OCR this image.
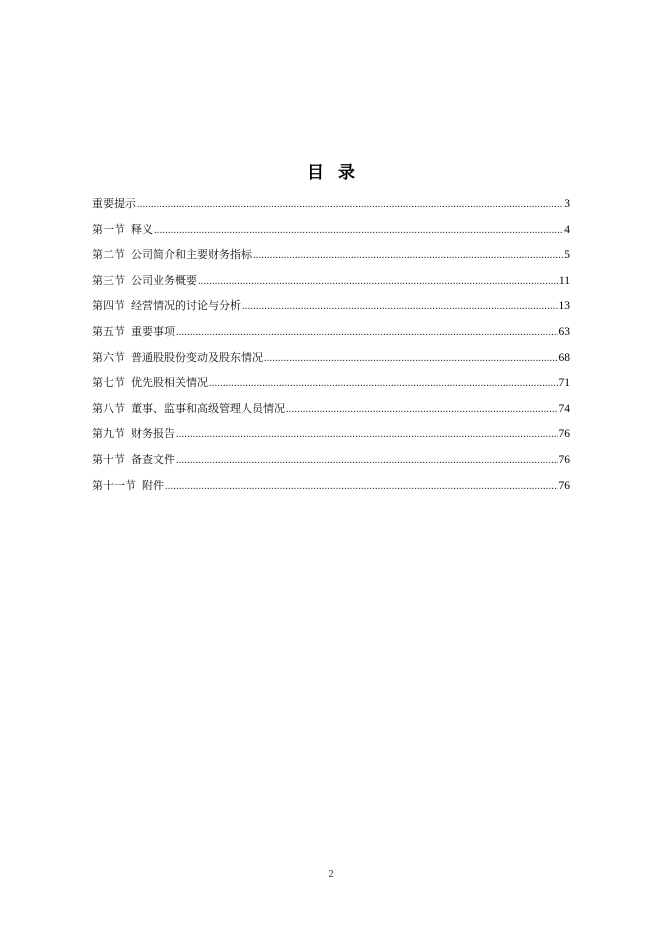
目录
重要提示 .....	3
第一节 释义 .....	4
第二节 公司简介和主要财务指标 .....	5
第三节 公司业务概要 .....	11
第四节 经营情况的讨论与分析 .....	13
第五节 重要事项 .....	63
第六节 普通股股份变动及股东情况 .....	68
第七节 优先股相关情况 .....	71
第八节 董事、监事和高级管理人员情况 .....	74
第九节 财务报告 .....	76
第十节 备查文件 .....	76
第十一节 附件 .....	76
2
